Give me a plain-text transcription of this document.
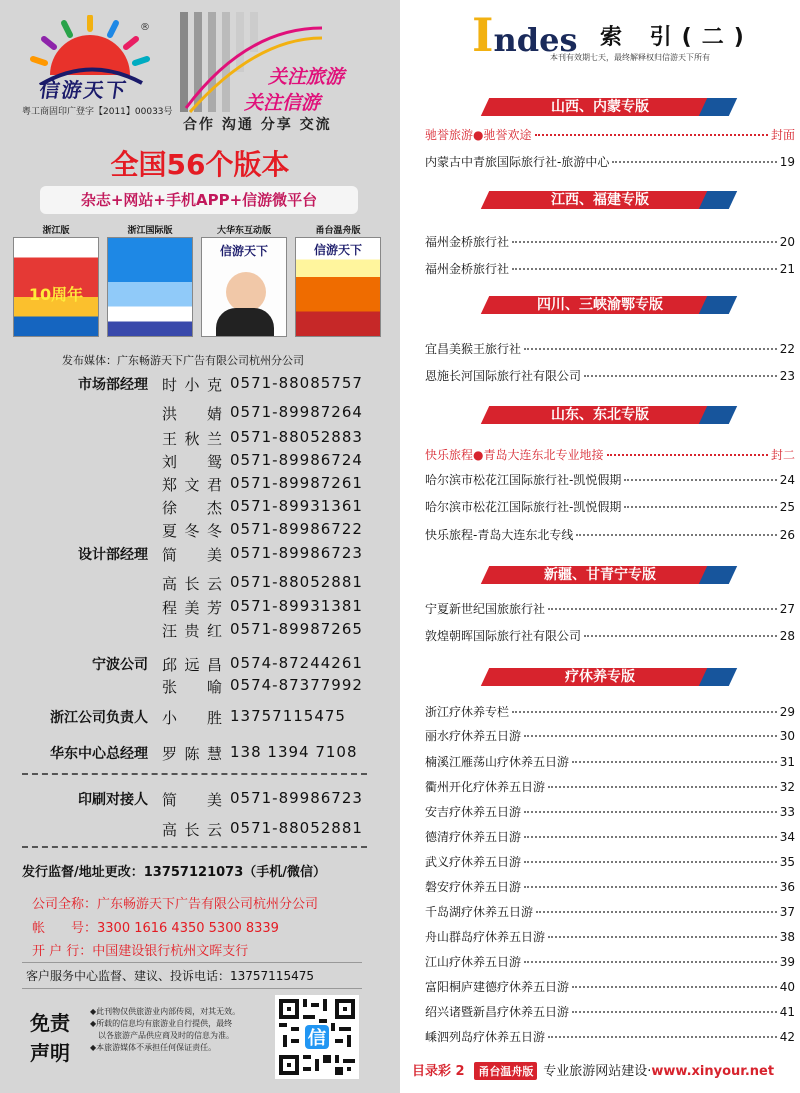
®
信游天下
粤工商固印广登字【2011】00033号
关注旅游
关注信游
合作 沟通 分享 交流
全国56个版本
杂志+网站+手机APP+信游微平台
浙江版
10周年
浙江国际版	大华东互动版
信游天下
甬台温舟版
信游天下
发布媒体：广东畅游天下广告有限公司杭州分公司
市场部经理 时小克 0571-88085757
洪婧 0571-89987264
王秋兰 0571-88052883
刘鸳 0571-89986724
郑文君 0571-89987261
徐杰 0571-89931361
夏冬冬 0571-89986722
设计部经理 简美 0571-89986723
高长云 0571-88052881
程美芳 0571-89931381
汪贵红 0571-89987265
宁波公司 邱远昌 0574-87244261
张喻 0574-87377992
浙江公司负责人 小胜 13757115475
华东中心总经理 罗陈慧 138 1394 7108
印刷对接人 简美 0571-89986723
高长云 0571-88052881
发行监督/地址更改：13757121073（手机/微信）
公司全称：广东畅游天下广告有限公司杭州分公司
帐　　号：3300 1616 4350 5300 8339
开 户 行：中国建设银行杭州文晖支行
客户服务中心监督、建议、投诉电话：13757115475
免责
声明
◆此刊物仅供旅游业内部传阅，对其无效。
◆所载的信息均有旅游业自行提供，最终
　以各旅游产品供应商及时的信息为准。
◆本旅游媒体不承担任何保证责任。	信
Indes 索 引(二)
本刊有效期七天，最终解释权归信游天下所有
山西、内蒙专版
驰誉旅游●驰誉欢途	封面
内蒙古中青旅国际旅行社-旅游中心	19
江西、福建专版
福州金桥旅行社	20
福州金桥旅行社	21
四川、三峡渝鄂专版
宜昌美猴王旅行社	22
恩施长河国际旅行社有限公司	23
山东、东北专版
快乐旅程●青岛大连东北专业地接	封二
哈尔滨市松花江国际旅行社-凯悦假期	24
哈尔滨市松花江国际旅行社-凯悦假期	25
快乐旅程-青岛大连东北专线	26
新疆、甘青宁专版
宁夏新世纪国旅旅行社	27
敦煌朝晖国际旅行社有限公司	28
疗休养专版
浙江疗休养专栏	29
丽水疗休养五日游	30
楠溪江雁荡山疗休养五日游	31
衢州开化疗休养五日游	32
安吉疗休养五日游	33
德清疗休养五日游	34
武义疗休养五日游	35
磐安疗休养五日游	36
千岛湖疗休养五日游	37
舟山群岛疗休养五日游	38
江山疗休养五日游	39
富阳桐庐建德疗休养五日游	40
绍兴诸暨新昌疗休养五日游	41
嵊泗列岛疗休养五日游	42
目录彩 2 甬台温舟版 专业旅游网站建设·www.xinyour.net
